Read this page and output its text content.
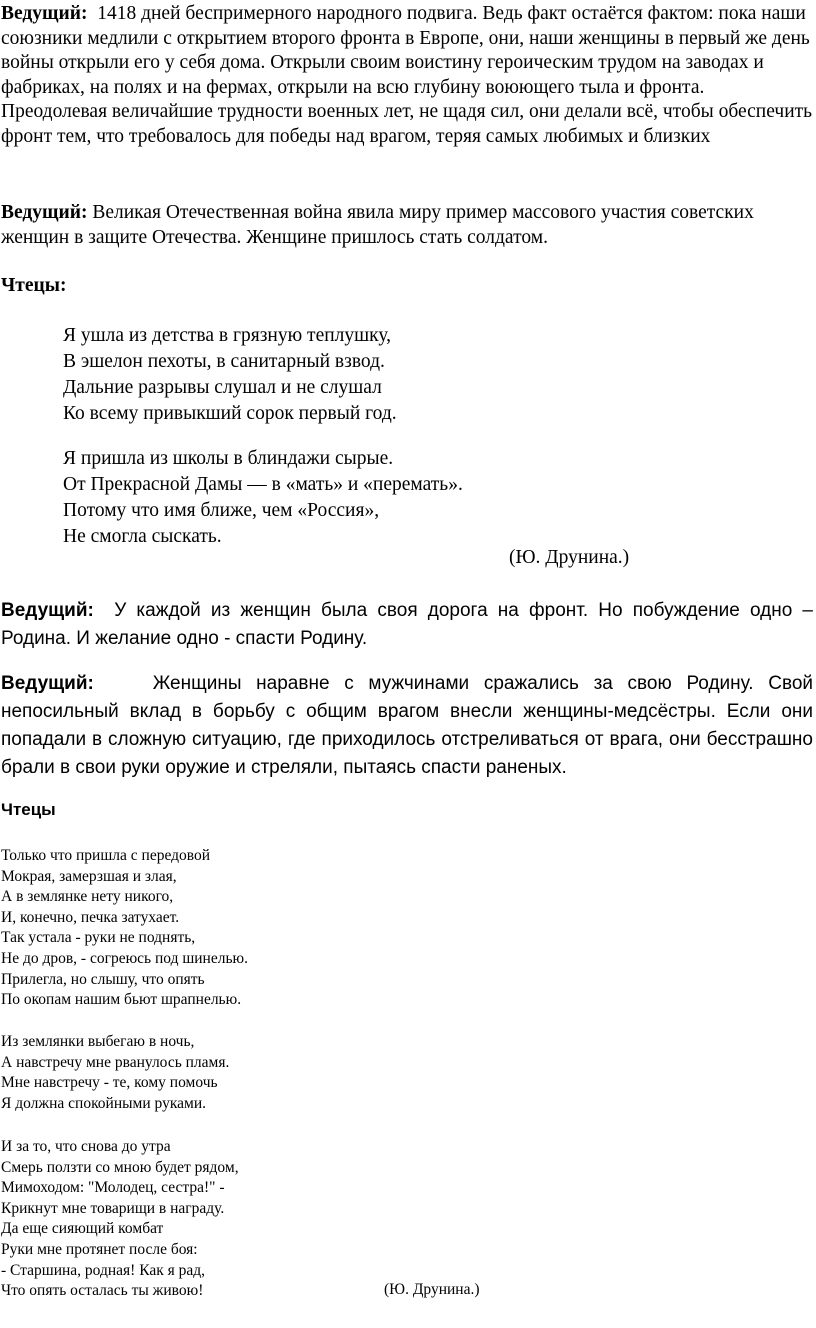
Ведущий: 1418 дней беспримерного народного подвига. Ведь факт остаётся фактом: пока наши союзники медлили с открытием второго фронта в Европе, они, наши женщины в первый же день войны открыли его у себя дома. Открыли своим воистину героическим трудом на заводах и фабриках, на полях и на фермах, открыли на всю глубину воюющего тыла и фронта. Преодолевая величайшие трудности военных лет, не щадя сил, они делали всё, чтобы обеспечить фронт тем, что требовалось для победы над врагом, теряя самых любимых и близких
Ведущий: Великая Отечественная война явила миру пример массового участия советских женщин в защите Отечества. Женщине пришлось стать солдатом.
Чтецы:
Я ушла из детства в грязную теплушку,
В эшелон пехоты, в санитарный взвод.
Дальние разрывы слушал и не слушал
Ко всему привыкший сорок первый год.
Я пришла из школы в блиндажи сырые.
От Прекрасной Дамы — в «мать» и «перемать».
Потому что имя ближе, чем «Россия»,
Не смогла сыскать.
(Ю. Друнина.)
Ведущий: У каждой из женщин была своя дорога на фронт. Но побуждение одно – Родина. И желание одно - спасти Родину.
Ведущий:	Женщины наравне с мужчинами сражались за свою Родину. Свой непосильный вклад в борьбу с общим врагом внесли женщины-медсёстры. Если они попадали в сложную ситуацию, где приходилось отстреливаться от врага, они бесстрашно брали в свои руки оружие и стреляли, пытаясь спасти раненых.
Чтецы
Только что пришла с передовой
Мокрая, замерзшая и злая,
А в землянке нету никого,
И, конечно, печка затухает.
Так устала - руки не поднять,
Не до дров, - согреюсь под шинелью.
Прилегла, но слышу, что опять
По окопам нашим бьют шрапнелью.
Из землянки выбегаю в ночь,
А навстречу мне рванулось пламя.
Мне навстречу - те, кому помочь
Я должна спокойными руками.
И за то, что снова до утра
Смерь ползти со мною будет рядом,
Мимоходом: "Молодец, сестра!" -
Крикнут мне товарищи в награду.
Да еще сияющий комбат
Руки мне протянет после боя:
- Старшина, родная! Как я рад,
Что опять осталась ты живою!	(Ю. Друнина.)
